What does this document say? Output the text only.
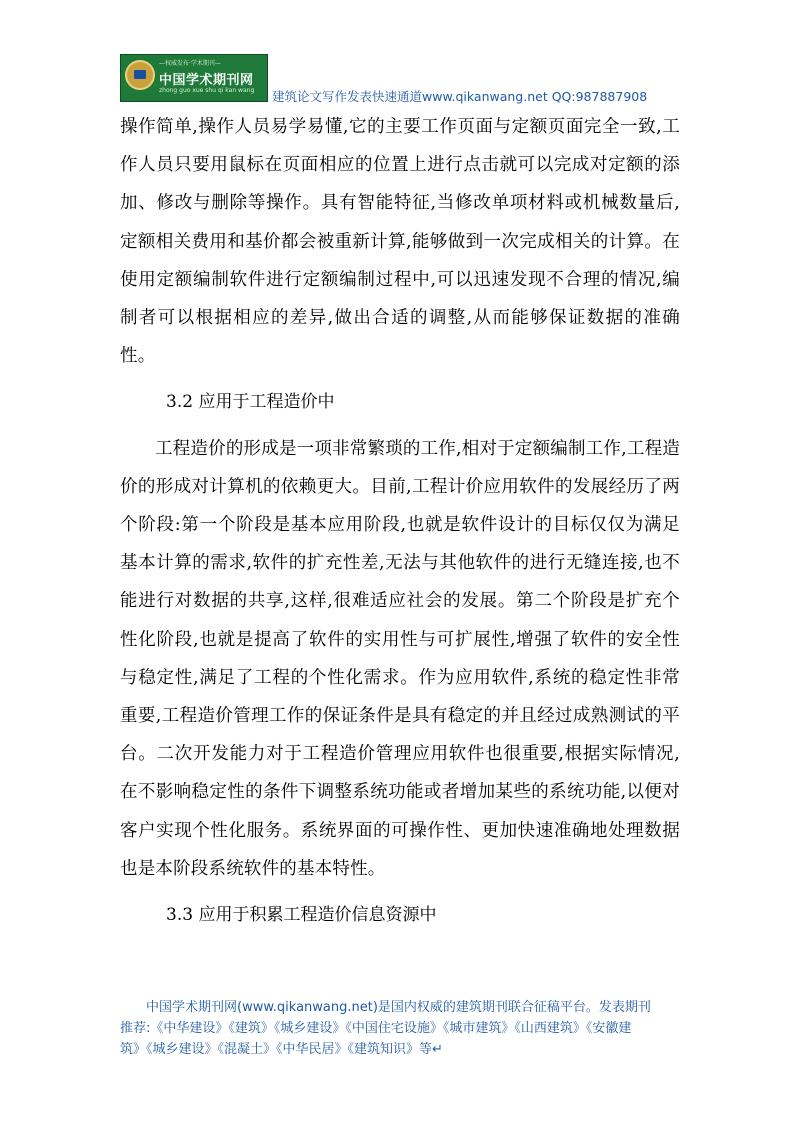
—权威发布·学术期刊—
中国学术期刊网
zhong guo xue shu qi kan wang 建筑论文写作发表快速通道www.qikanwang.net QQ:987887908

操作简单,操作人员易学易懂,它的主要工作页面与定额页面完全一致,工作人员只要用鼠标在页面相应的位置上进行点击就可以完成对定额的添加、修改与删除等操作。具有智能特征,当修改单项材料或机械数量后,定额相关费用和基价都会被重新计算,能够做到一次完成相关的计算。在使用定额编制软件进行定额编制过程中,可以迅速发现不合理的情况,编制者可以根据相应的差异,做出合适的调整,从而能够保证数据的准确性。

3.2 应用于工程造价中

工程造价的形成是一项非常繁琐的工作,相对于定额编制工作,工程造价的形成对计算机的依赖更大。目前,工程计价应用软件的发展经历了两个阶段:第一个阶段是基本应用阶段,也就是软件设计的目标仅仅为满足基本计算的需求,软件的扩充性差,无法与其他软件的进行无缝连接,也不能进行对数据的共享,这样,很难适应社会的发展。第二个阶段是扩充个性化阶段,也就是提高了软件的实用性与可扩展性,增强了软件的安全性与稳定性,满足了工程的个性化需求。作为应用软件,系统的稳定性非常重要,工程造价管理工作的保证条件是具有稳定的并且经过成熟测试的平台。二次开发能力对于工程造价管理应用软件也很重要,根据实际情况,在不影响稳定性的条件下调整系统功能或者增加某些的系统功能,以便对客户实现个性化服务。系统界面的可操作性、更加快速准确地处理数据也是本阶段系统软件的基本特性。

3.3 应用于积累工程造价信息资源中

中国学术期刊网(www.qikanwang.net)是国内权威的建筑期刊联合征稿平台。发表期刊

推荐:《中华建设》《建筑》《城乡建设》《中国住宅设施》《城市建筑》《山西建筑》《安徽建

筑》《城乡建设》《混凝土》《中华民居》《建筑知识》等↵
